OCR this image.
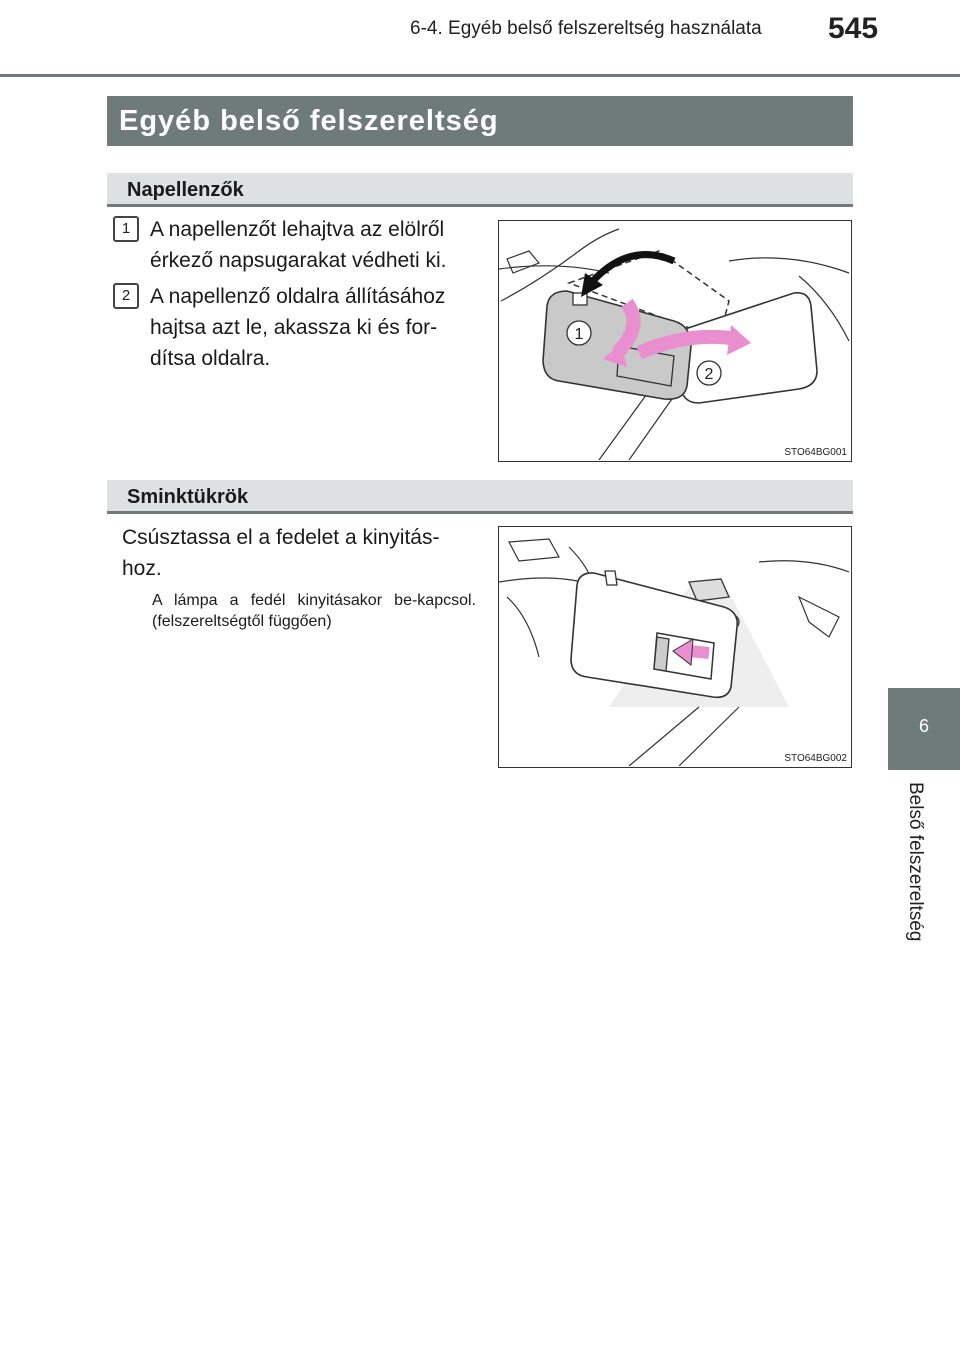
6-4. Egyéb belső felszereltség használata 545
6
Belső felszereltség
Egyéb belső felszereltség
Napellenzők
1 A napellenzőt lehajtva az elölről érkező napsugarakat védheti ki.
2 A napellenző oldalra állításához hajtsa azt le, akassza ki és for-dítsa oldalra.
1
2
STO64BG001
Sminktükrök
Csúsztassa el a fedelet a kinyitás-hoz.
A lámpa a fedél kinyitásakor be-kapcsol. (felszereltségtől függően)
STO64BG002
